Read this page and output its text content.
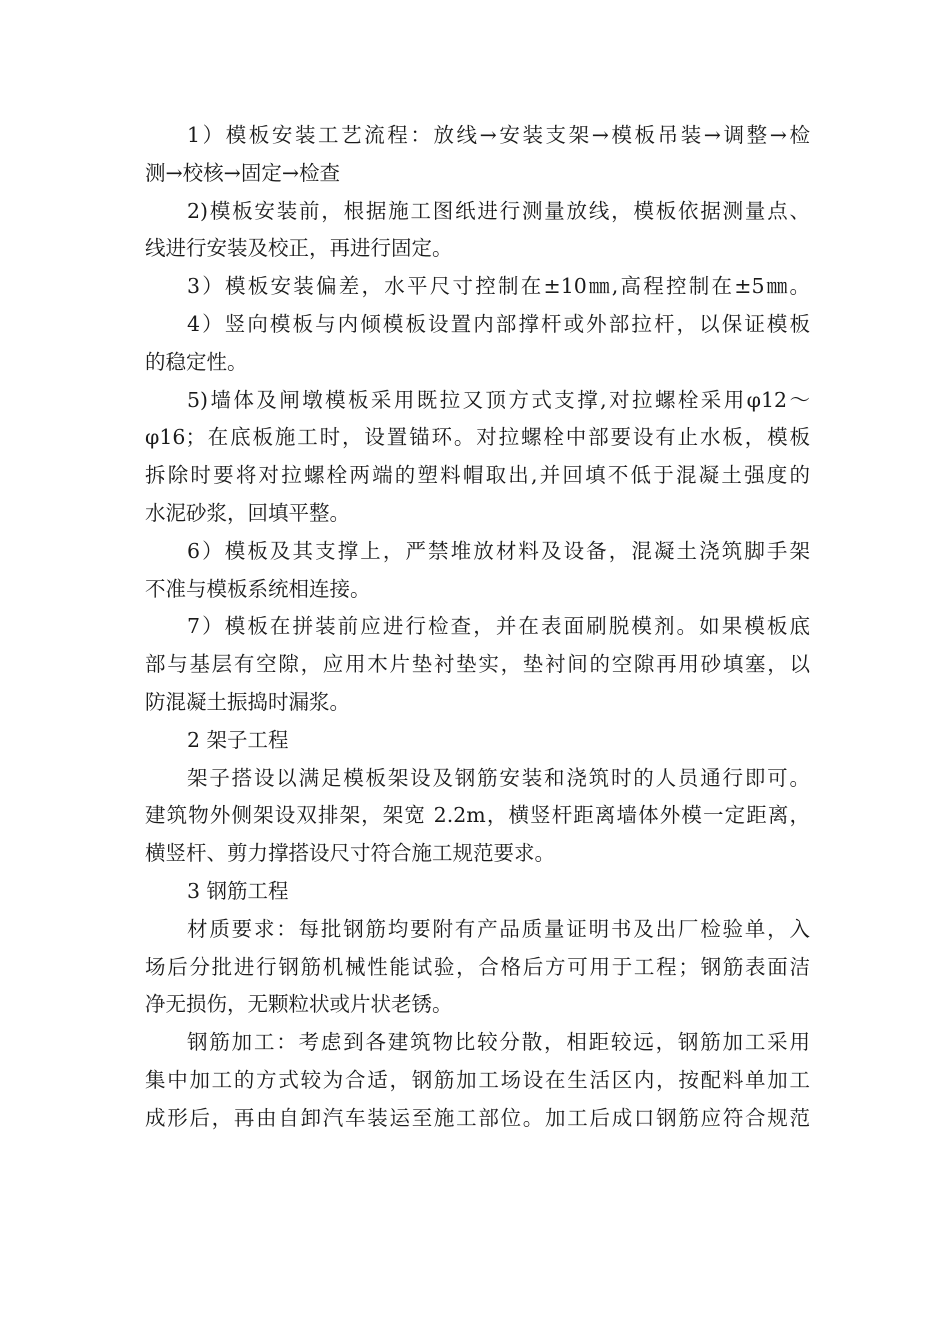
1）模板安装工艺流程：放线→安装支架→模板吊装→调整→检
测→校核→固定→检查
2)模板安装前，根据施工图纸进行测量放线，模板依据测量点、
线进行安装及校正，再进行固定。
3）模板安装偏差，水平尺寸控制在±10㎜,高程控制在±5㎜。
4）竖向模板与内倾模板设置内部撑杆或外部拉杆，以保证模板
的稳定性。
5)墙体及闸墩模板采用既拉又顶方式支撑,对拉螺栓采用φ12～
φ16；在底板施工时，设置锚环。对拉螺栓中部要设有止水板，模板
拆除时要将对拉螺栓两端的塑料帽取出,并回填不低于混凝土强度的
水泥砂浆，回填平整。
6）模板及其支撑上，严禁堆放材料及设备，混凝土浇筑脚手架
不准与模板系统相连接。
7）模板在拼装前应进行检查，并在表面刷脱模剂。如果模板底
部与基层有空隙，应用木片垫衬垫实，垫衬间的空隙再用砂填塞，以
防混凝土振捣时漏浆。
2 架子工程
架子搭设以满足模板架设及钢筋安装和浇筑时的人员通行即可。
建筑物外侧架设双排架，架宽 2.2m，横竖杆距离墙体外模一定距离，
横竖杆、剪力撑搭设尺寸符合施工规范要求。
3 钢筋工程
材质要求：每批钢筋均要附有产品质量证明书及出厂检验单，入
场后分批进行钢筋机械性能试验，合格后方可用于工程；钢筋表面洁
净无损伤，无颗粒状或片状老锈。
钢筋加工：考虑到各建筑物比较分散，相距较远，钢筋加工采用
集中加工的方式较为合适，钢筋加工场设在生活区内，按配料单加工
成形后，再由自卸汽车装运至施工部位。加工后成口钢筋应符合规范
